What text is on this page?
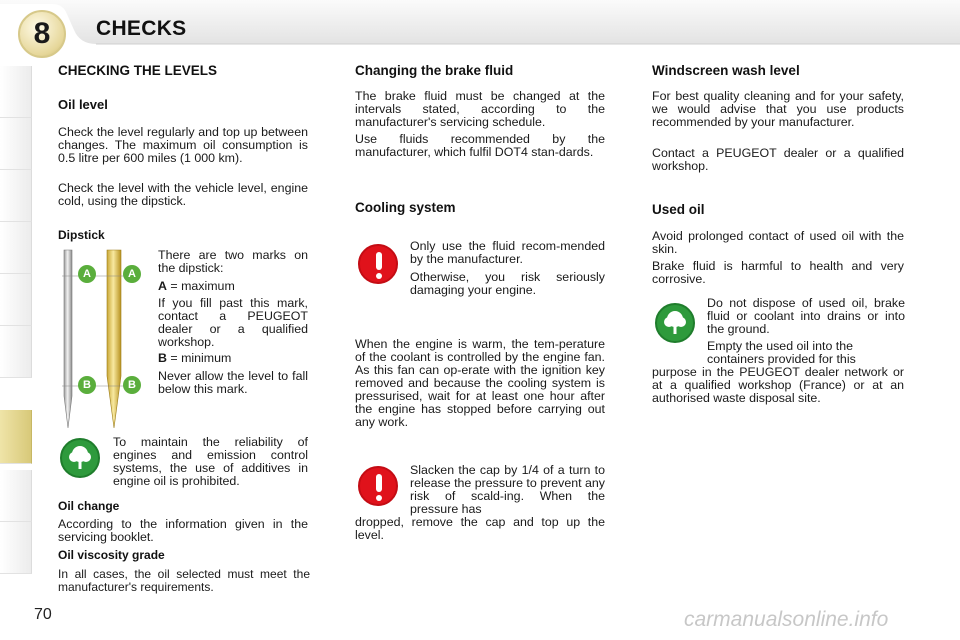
8	CHECKS
CHECKING THE LEVELS
Oil level

Check the level regularly and top up between changes. The maximum oil consumption is 0.5 litre per 600 miles (1 000 km).

Check the level with the vehicle level, engine cold, using the dipstick.

Dipstick
A	A
B	B

There are two marks on the dipstick:

A = maximum

If you fill past this mark, contact a PEUGEOT dealer or a qualified workshop.

B = minimum

Never allow the level to fall below this mark.

To maintain the reliability of engines and emission control systems, the use of additives in engine oil is prohibited.

Oil change

According to the information given in the servicing booklet.

Oil viscosity grade

In all cases, the oil selected must meet the manufacturer's requirements.

Changing the brake fluid

The brake fluid must be changed at the intervals stated, according to the manufacturer's servicing schedule.

Use fluids recommended by the manufacturer, which fulfil DOT4 stan-dards.

Cooling system

Only use the fluid recom-mended by the manufacturer.

Otherwise, you risk seriously damaging your engine.

When the engine is warm, the tem-perature of the coolant is controlled by the engine fan. As this fan can op-erate with the ignition key removed and because the cooling system is pressurised, wait for at least one hour after the engine has stopped before carrying out any work.

Slacken the cap by 1/4 of a turn to release the pressure to prevent any risk of scald-ing. When the pressure has

dropped, remove the cap and top up the level.

Windscreen wash level

For best quality cleaning and for your safety, we would advise that you use products recommended by your manufacturer.

Contact a PEUGEOT dealer or a qualified workshop.

Used oil

Avoid prolonged contact of used oil with the skin.

Brake fluid is harmful to health and very corrosive.

Do not dispose of used oil, brake fluid or coolant into drains or into the ground.

Empty the used oil into the

containers provided for this

purpose in the PEUGEOT dealer network or at a qualified workshop (France) or at an authorised waste disposal site.

70	carmanualsonline.info
